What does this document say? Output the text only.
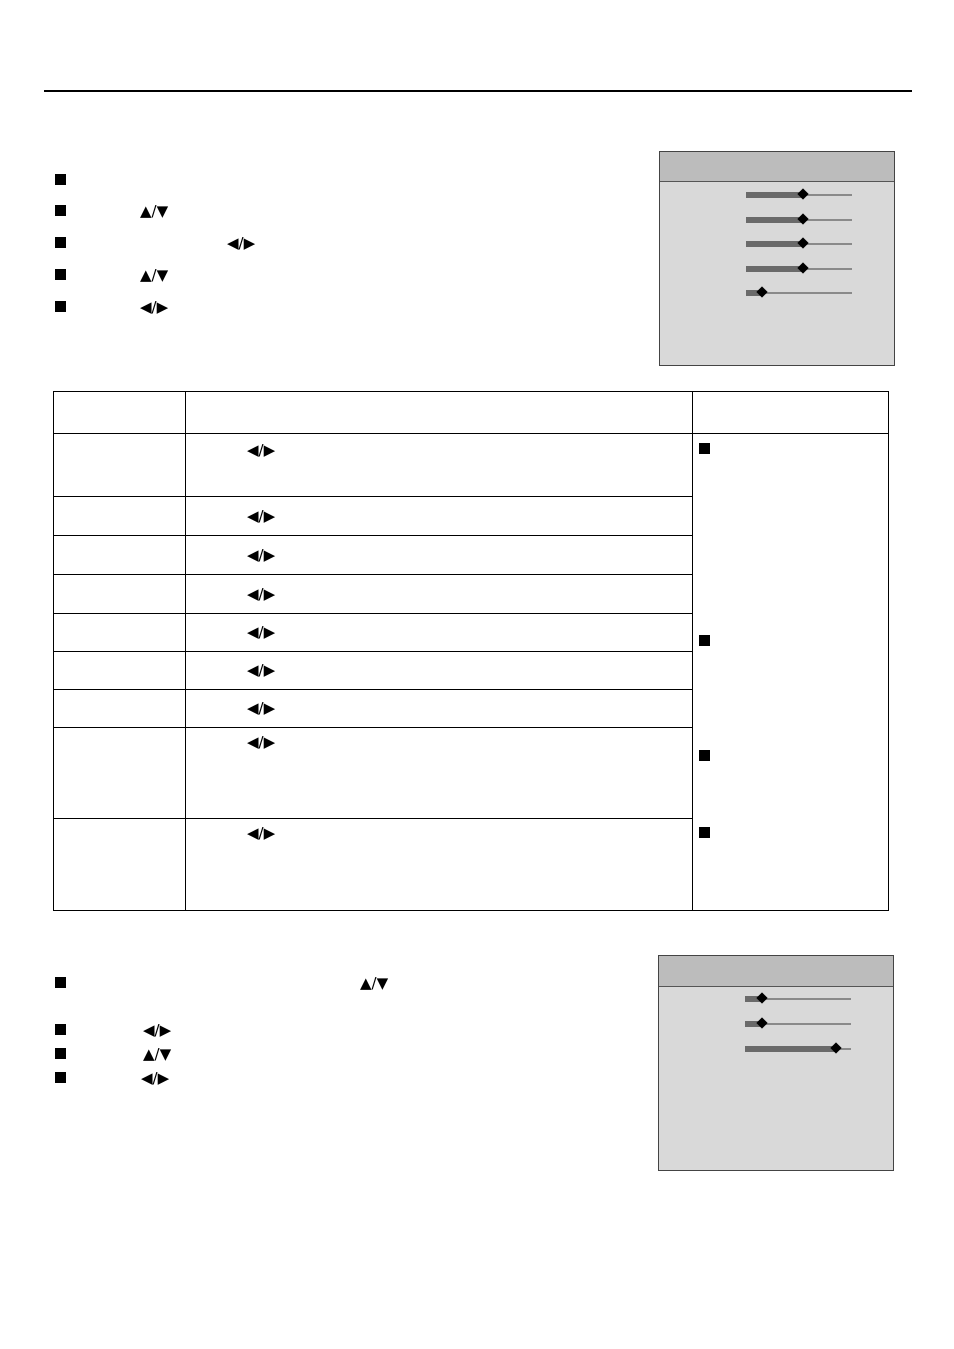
▲/▼
◀/▶
▲/▼
◀/▶

	◀/▶	

	◀/▶	

	◀/▶	

	◀/▶	

	◀/▶	

	◀/▶	

	◀/▶	

	◀/▶	

	◀/▶	
▲/▼
◀/▶
▲/▼
◀/▶
